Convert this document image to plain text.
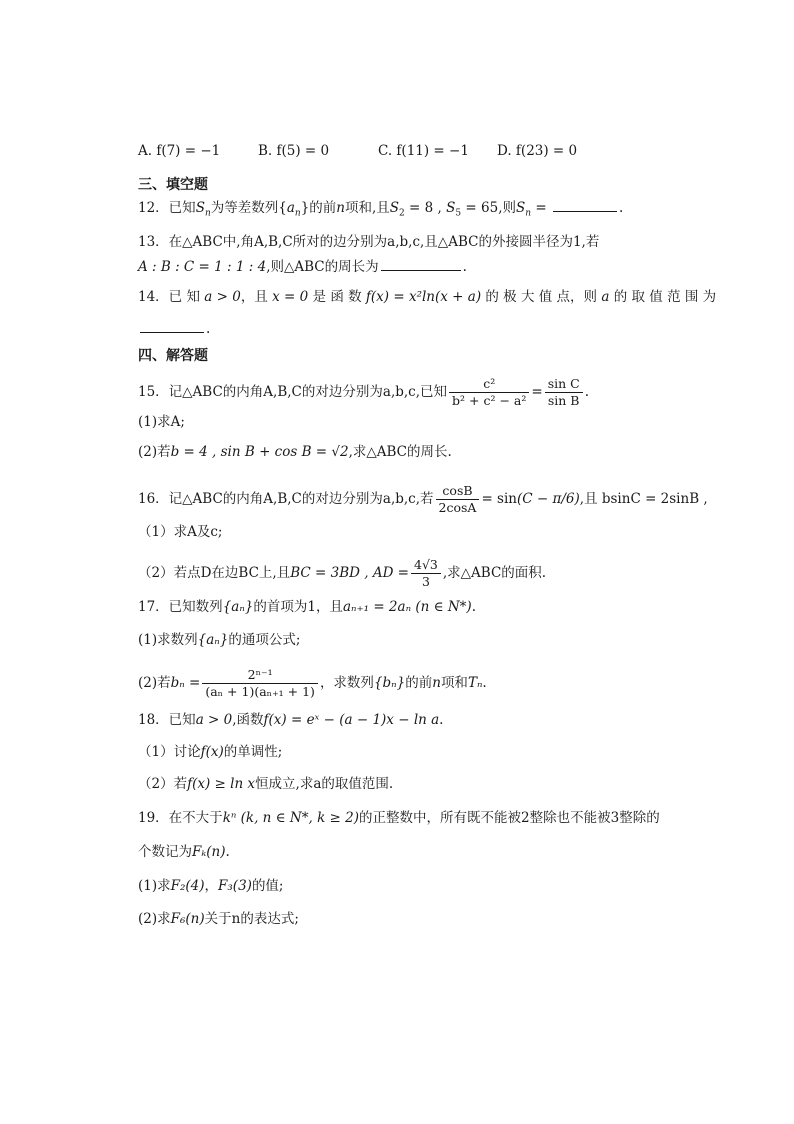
A. f(7) = −1	B. f(5) = 0	C. f(11) = −1 D. f(23) = 0
三、填空题
12．已知$S_n$为等差数列$\{a_n\}$的前n项和,且$S_2 = 8$ , $S_5 = 65$,则$S_n$ =	.
13．在△ABC中,角A,B,C所对的边分别为a,b,c,且△ABC的外接圆半径为1,若
A : B : C = 1 : 1 : 4,则△ABC的周长为	.
14．已 知 a > 0，且 x = 0 是 函 数 f(x) = x²ln(x + a) 的 极 大 值 点，则 a 的 取 值 范 围 为
.
四、解答题
15．记△ABC的内角A,B,C的对边分别为a,b,c,已知 $\frac{\text{c²}}{\text{b² + c² − a²}} = \frac{\text{sin C}}{\text{sin B}}$ .
(1)求A;
(2)若b = 4 , sin B + cos B = √2,求△ABC的周长.
16．记△ABC的内角A,B,C的对边分别为a,b,c,若 $\frac{\cos B}{2\cos A} = \sin(C - \pi/6)$,且 bsinC = 2sinB ,
（1）求A及c;
（2）若点D在边BC上,且BC = 3BD , AD = $\frac{4√3}{3}$ ,求△ABC的面积.
17．已知数列{aₙ}的首项为1，且aₙ₊₁ = 2aₙ (n ∈ N*).
(1)求数列{aₙ}的通项公式;
(2)若$b_n = \frac{\text{2ⁿ⁻¹}}{\text{(aₙ + 1)(aₙ₊₁ + 1)}}$ ，求数列{bₙ}的前n项和Tₙ.
18．已知a > 0,函数f(x) = eˣ − (a − 1)x − ln a.
（1）讨论f(x)的单调性;
（2）若f(x) ≥ ln x恒成立,求a的取值范围.
19．在不大于kⁿ (k, n ∈ N*, k ≥ 2)的正整数中，所有既不能被2整除也不能被3整除的
个数记为Fₖ(n).
(1)求F₂(4)，F₃(3)的值;
(2)求F₆(n)关于n的表达式;
